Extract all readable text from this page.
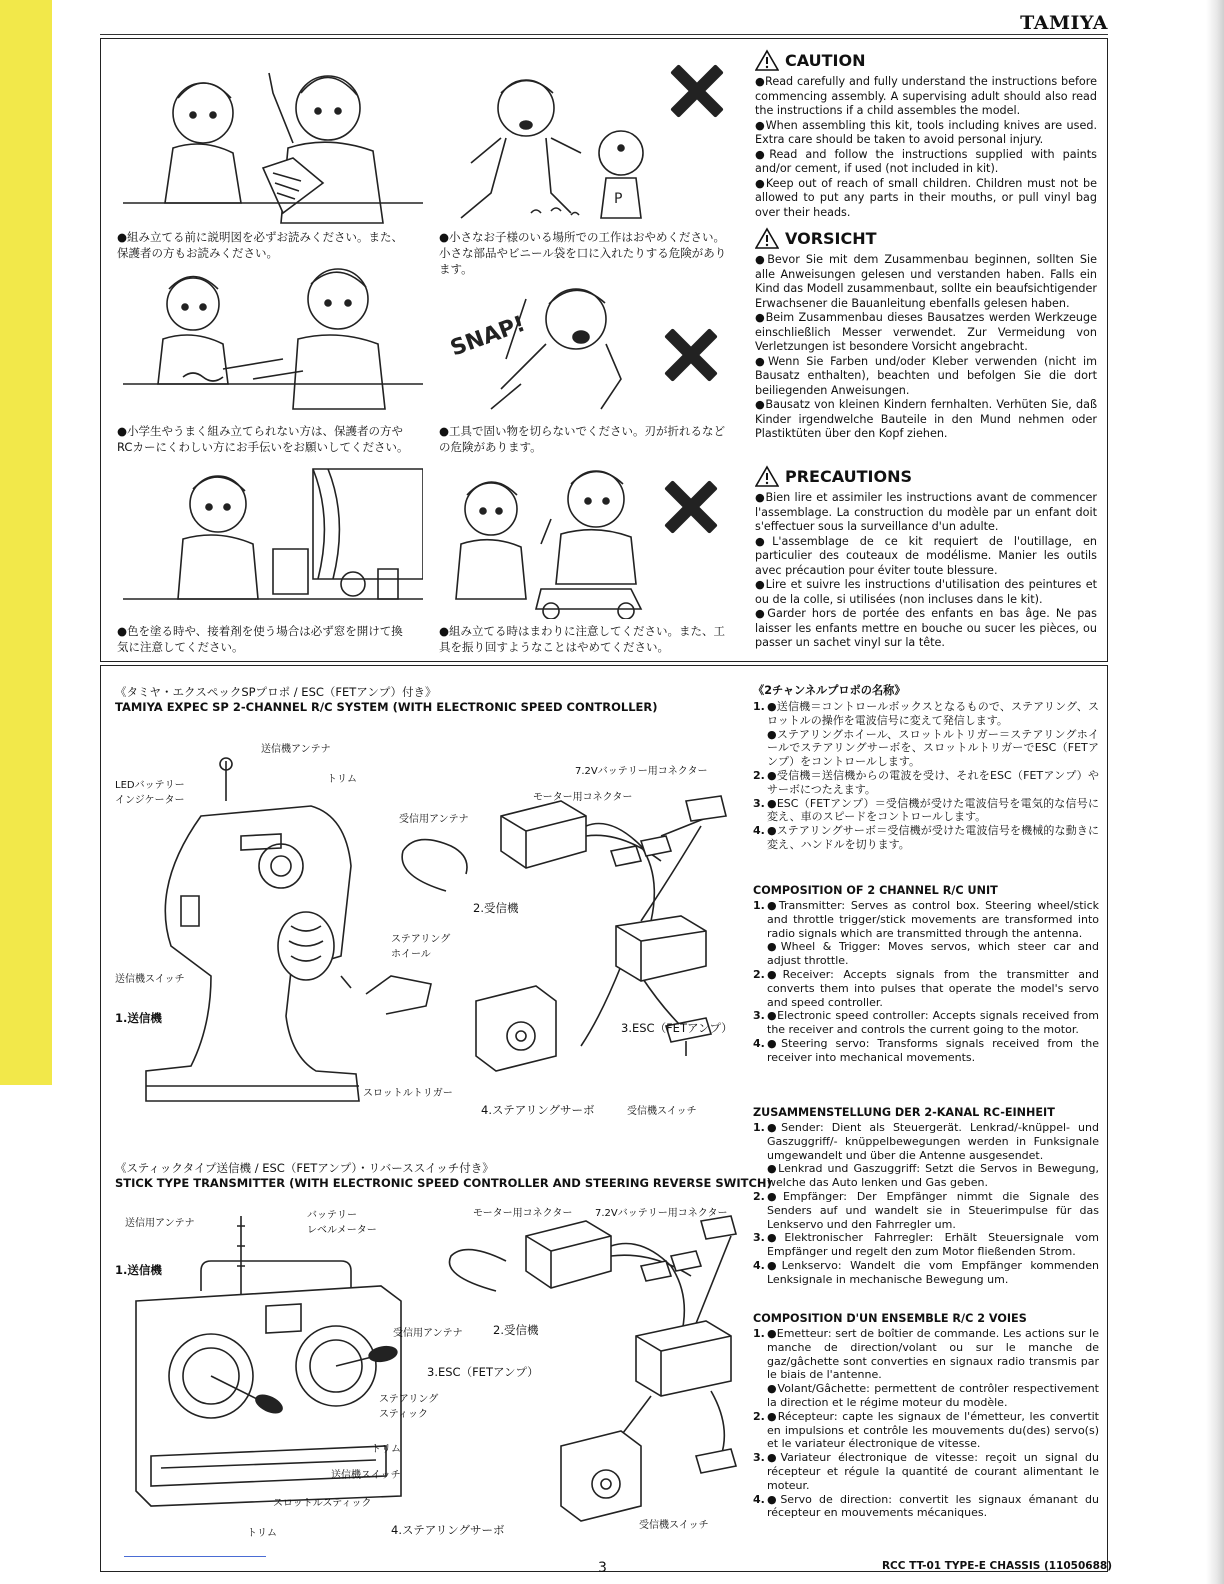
TAMIYA
●組み立てる前に説明図を必ずお読みください。また、保護者の方もお読みください。
P
●小さなお子様のいる場所での工作はおやめください。小さな部品やビニール袋を口に入れたりする危険があります。
●小学生やうまく組み立てられない方は、保護者の方やRCカーにくわしい方にお手伝いをお願いしてください。
SNAP!
●工具で固い物を切らないでください。刃が折れるなどの危険があります。
●色を塗る時や、接着剤を使う場合は必ず窓を開けて換気に注意してください。
●組み立てる時はまわりに注意してください。また、工具を振り回すようなことはやめてください。
CAUTION

●Read carefully and fully understand the instructions before commencing assembly. A supervising adult should also read the instructions if a child assembles the model.

●When assembling this kit, tools including knives are used. Extra care should be taken to avoid personal injury.

●Read and follow the instructions supplied with paints and/or cement, if used (not included in kit).

●Keep out of reach of small children. Children must not be allowed to put any parts in their mouths, or pull vinyl bag over their heads.

VORSICHT

●Bevor Sie mit dem Zusammenbau beginnen, sollten Sie alle Anweisungen gelesen und verstanden haben. Falls ein Kind das Modell zusammenbaut, sollte ein beaufsichtigender Erwachsener die Bauanleitung ebenfalls gelesen haben.

●Beim Zusammenbau dieses Bausatzes werden Werkzeuge einschließlich Messer verwendet. Zur Vermeidung von Verletzungen ist besondere Vorsicht angebracht.

●Wenn Sie Farben und/oder Kleber verwenden (nicht im Bausatz enthalten), beachten und befolgen Sie die dort beiliegenden Anweisungen.

●Bausatz von kleinen Kindern fernhalten. Verhüten Sie, daß Kinder irgendwelche Bauteile in den Mund nehmen oder Plastiktüten über den Kopf ziehen.

PRECAUTIONS

●Bien lire et assimiler les instructions avant de commencer l'assemblage. La construction du modèle par un enfant doit s'effectuer sous la surveillance d'un adulte.

●L'assemblage de ce kit requiert de l'outillage, en particulier des couteaux de modélisme. Manier les outils avec précaution pour éviter toute blessure.

●Lire et suivre les instructions d'utilisation des peintures et ou de la colle, si utilisées (non incluses dans le kit).

●Garder hors de portée des enfants en bas âge. Ne pas laisser les enfants mettre en bouche ou sucer les pièces, ou passer un sachet vinyl sur la tête.

《タミヤ・エクスペックSPプロポ / ESC（FETアンプ）付き》
TAMIYA EXPEC SP 2-CHANNEL R/C SYSTEM (WITH ELECTRONIC SPEED CONTROLLER)
送信機アンテナ
LEDバッテリー
インジケーター
トリム
7.2Vバッテリー用コネクター
モーター用コネクター
受信用アンテナ
2.受信機
ステアリング
ホイール
送信機スイッチ
1.送信機
3.ESC（FETアンプ）
スロットルトリガー
4.ステアリングサーボ	受信機スイッチ
《スティックタイプ送信機 / ESC（FETアンプ）・リバーススイッチ付き》
STICK TYPE TRANSMITTER (WITH ELECTRONIC SPEED CONTROLLER AND STEERING REVERSE SWITCH)
送信用アンテナ
バッテリー
レベルメーター
モーター用コネクター 7.2Vバッテリー用コネクター
1.送信機
受信用アンテナ	2.受信機
3.ESC（FETアンプ）
ステアリング
スティック
トリム
送信機スイッチ
スロットルスティック
トリム	4.ステアリングサーボ	受信機スイッチ
《2チャンネルプロポの名称》
1. ●送信機＝コントロールボックスとなるもので、ステアリング、スロットルの操作を電波信号に変えて発信します。
●ステアリングホイール、スロットルトリガー＝ステアリングホイールでステアリングサーボを、スロットルトリガーでESC（FETアンプ）をコントロールします。
2. ●受信機＝送信機からの電波を受け、それをESC（FETアンプ）やサーボにつたえます。
3. ●ESC（FETアンプ）＝受信機が受けた電波信号を電気的な信号に変え、車のスピードをコントロールします。
4. ●ステアリングサーボ＝受信機が受けた電波信号を機械的な動きに変え、ハンドルを切ります。
COMPOSITION OF 2 CHANNEL R/C UNIT
1. ●Transmitter: Serves as control box. Steering wheel/stick and throttle trigger/stick movements are transformed into radio signals which are transmitted through the antenna.
●Wheel & Trigger: Moves servos, which steer car and adjust throttle.
2. ●Receiver: Accepts signals from the transmitter and converts them into pulses that operate the model's servo and speed controller.
3. ●Electronic speed controller: Accepts signals received from the receiver and controls the current going to the motor.
4. ●Steering servo: Transforms signals received from the receiver into mechanical movements.
ZUSAMMENSTELLUNG DER 2-KANAL RC-EINHEIT
1. ●Sender: Dient als Steuergerät. Lenkrad/-knüppel- und Gaszuggriff/- knüppelbewegungen werden in Funksignale umgewandelt und über die Antenne ausgesendet.
●Lenkrad und Gaszuggriff: Setzt die Servos in Bewegung, welche das Auto lenken und Gas geben.
2. ●Empfänger: Der Empfänger nimmt die Signale des Senders auf und wandelt sie in Steuerimpulse für das Lenkservo und den Fahrregler um.
3. ●Elektronischer Fahrregler: Erhält Steuersignale vom Empfänger und regelt den zum Motor fließenden Strom.
4. ●Lenkservo: Wandelt die vom Empfänger kommenden Lenksignale in mechanische Bewegung um.
COMPOSITION D'UN ENSEMBLE R/C 2 VOIES
1. ●Emetteur: sert de boîtier de commande. Les actions sur le manche de direction/volant ou sur le manche de gaz/gâchette sont converties en signaux radio transmis par le biais de l'antenne.
●Volant/Gâchette: permettent de contrôler respectivement la direction et le régime moteur du modèle.
2. ●Récepteur: capte les signaux de l'émetteur, les convertit en impulsions et contrôle les mouvements du(des) servo(s) et le variateur électronique de vitesse.
3. ●Variateur électronique de vitesse: reçoit un signal du récepteur et régule la quantité de courant alimentant le moteur.
4. ●Servo de direction: convertit les signaux émanant du récepteur en mouvements mécaniques.
3	RCC TT-01 TYPE-E CHASSIS (11050688)
